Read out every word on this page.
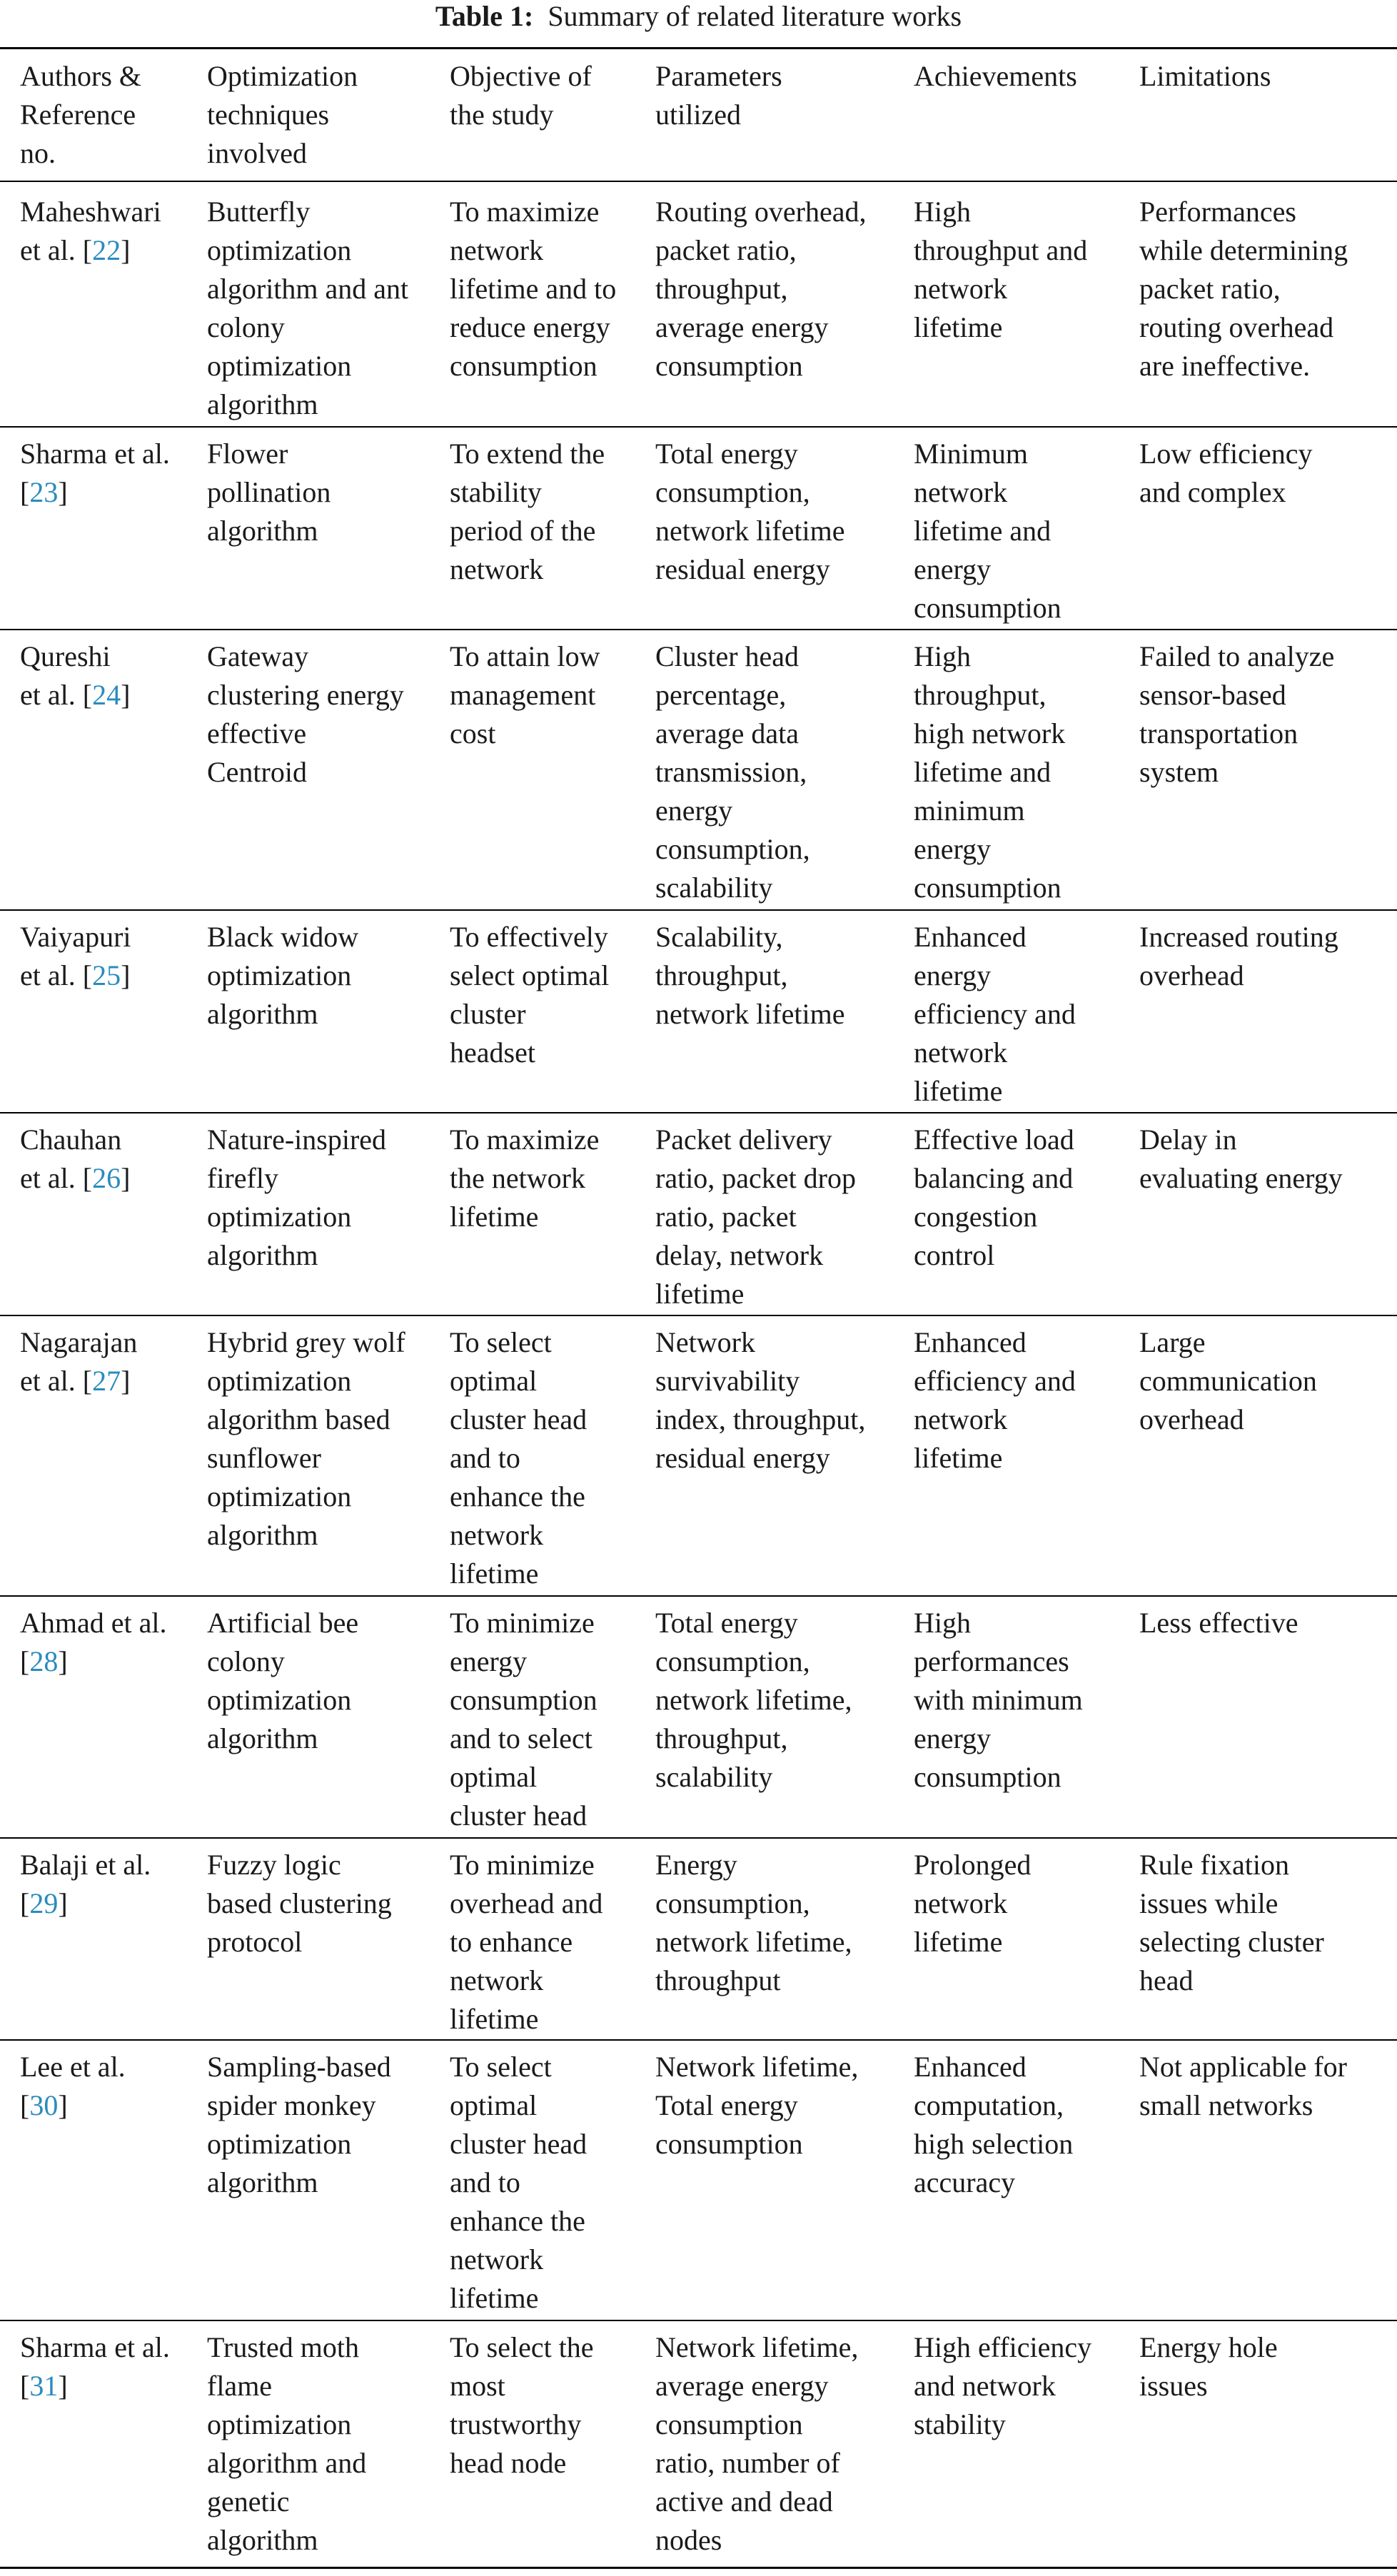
Table 1: Summary of related literature works
Authors &
Reference
no.
Optimization
techniques
involved
Objective of
the study
Parameters
utilized
Achievements	Limitations
Maheshwari
et al. [22]
Butterfly
optimization
algorithm and ant
colony
optimization
algorithm
To maximize
network
lifetime and to
reduce energy
consumption
Routing overhead,
packet ratio,
throughput,
average energy
consumption
High
throughput and
network
lifetime
Performances
while determining
packet ratio,
routing overhead
are ineffective.
Sharma et al.
[23]
Flower
pollination
algorithm
To extend the
stability
period of the
network
Total energy
consumption,
network lifetime
residual energy
Minimum
network
lifetime and
energy
consumption
Low efficiency
and complex
Qureshi
et al. [24]
Gateway
clustering energy
effective
Centroid
To attain low
management
cost
Cluster head
percentage,
average data
transmission,
energy
consumption,
scalability
High
throughput,
high network
lifetime and
minimum
energy
consumption
Failed to analyze
sensor-based
transportation
system
Vaiyapuri
et al. [25]
Black widow
optimization
algorithm
To effectively
select optimal
cluster
headset
Scalability,
throughput,
network lifetime
Enhanced
energy
efficiency and
network
lifetime
Increased routing
overhead
Chauhan
et al. [26]
Nature-inspired
firefly
optimization
algorithm
To maximize
the network
lifetime
Packet delivery
ratio, packet drop
ratio, packet
delay, network
lifetime
Effective load
balancing and
congestion
control
Delay in
evaluating energy
Nagarajan
et al. [27]
Hybrid grey wolf
optimization
algorithm based
sunflower
optimization
algorithm
To select
optimal
cluster head
and to
enhance the
network
lifetime
Network
survivability
index, throughput,
residual energy
Enhanced
efficiency and
network
lifetime
Large
communication
overhead
Ahmad et al.
[28]
Artificial bee
colony
optimization
algorithm
To minimize
energy
consumption
and to select
optimal
cluster head
Total energy
consumption,
network lifetime,
throughput,
scalability
High
performances
with minimum
energy
consumption
Less effective
Balaji et al.
[29]
Fuzzy logic
based clustering
protocol
To minimize
overhead and
to enhance
network
lifetime
Energy
consumption,
network lifetime,
throughput
Prolonged
network
lifetime
Rule fixation
issues while
selecting cluster
head
Lee et al.
[30]
Sampling-based
spider monkey
optimization
algorithm
To select
optimal
cluster head
and to
enhance the
network
lifetime
Network lifetime,
Total energy
consumption
Enhanced
computation,
high selection
accuracy
Not applicable for
small networks
Sharma et al.
[31]
Trusted moth
flame
optimization
algorithm and
genetic
algorithm
To select the
most
trustworthy
head node
Network lifetime,
average energy
consumption
ratio, number of
active and dead
nodes
High efficiency
and network
stability
Energy hole
issues
